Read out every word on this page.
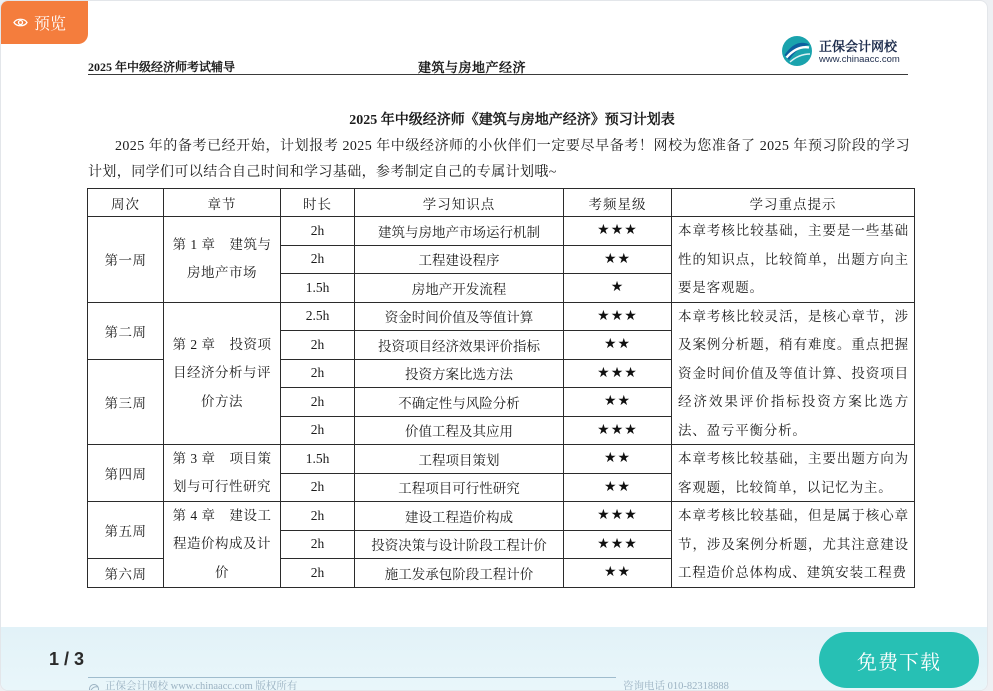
2025 年中级经济师考试辅导	建筑与房地产经济
正保会计网校
www.chinaacc.com
2025 年中级经济师《建筑与房地产经济》预习计划表
2025 年的备考已经开始，计划报考 2025 年中级经济师的小伙伴们一定要尽早备考！网校为您准备了 2025 年预习阶段的学习计划，同学们可以结合自己时间和学习基础，参考制定自己的专属计划哦~
周次	章节	时长	学习知识点	考频星级	学习重点提示
第一周	第 1 章　建筑与房地产市场	2h	建筑与房地产市场运行机制	★★★	本章考核比较基础，主要是一些基础性的知识点，比较简单，出题方向主要是客观题。

		2h	工程建设程序	★★	
		1.5h	房地产开发流程	★	
第二周	第 2 章　投资项目经济分析与评价方法	2.5h	资金时间价值及等值计算	★★★	本章考核比较灵活，是核心章节，涉及案例分析题，稍有难度。重点把握资金时间价值及等值计算、投资项目经济效果评价指标投资方案比选方法、盈亏平衡分析。

		2h	投资项目经济效果评价指标	★★	
第三周		2h	投资方案比选方法	★★★	
		2h	不确定性与风险分析	★★	
		2h	价值工程及其应用	★★★	
第四周	第 3 章　项目策划与可行性研究	1.5h	工程项目策划	★★	本章考核比较基础，主要出题方向为客观题，比较简单，以记忆为主。

		2h	工程项目可行性研究	★★	
第五周	第 4 章　建设工程造价构成及计价	2h	建设工程造价构成	★★★	本章考核比较基础，但是属于核心章节，涉及案例分析题，尤其注意建设工程造价总体构成、建筑安装工程费

		2h	投资决策与设计阶段工程计价	★★★	
第六周		2h	施工发承包阶段工程计价	★★	
预览
正保会计网校 www.chinaacc.com 版权所有	咨询电话 010-82318888
1 / 3	免费下载
